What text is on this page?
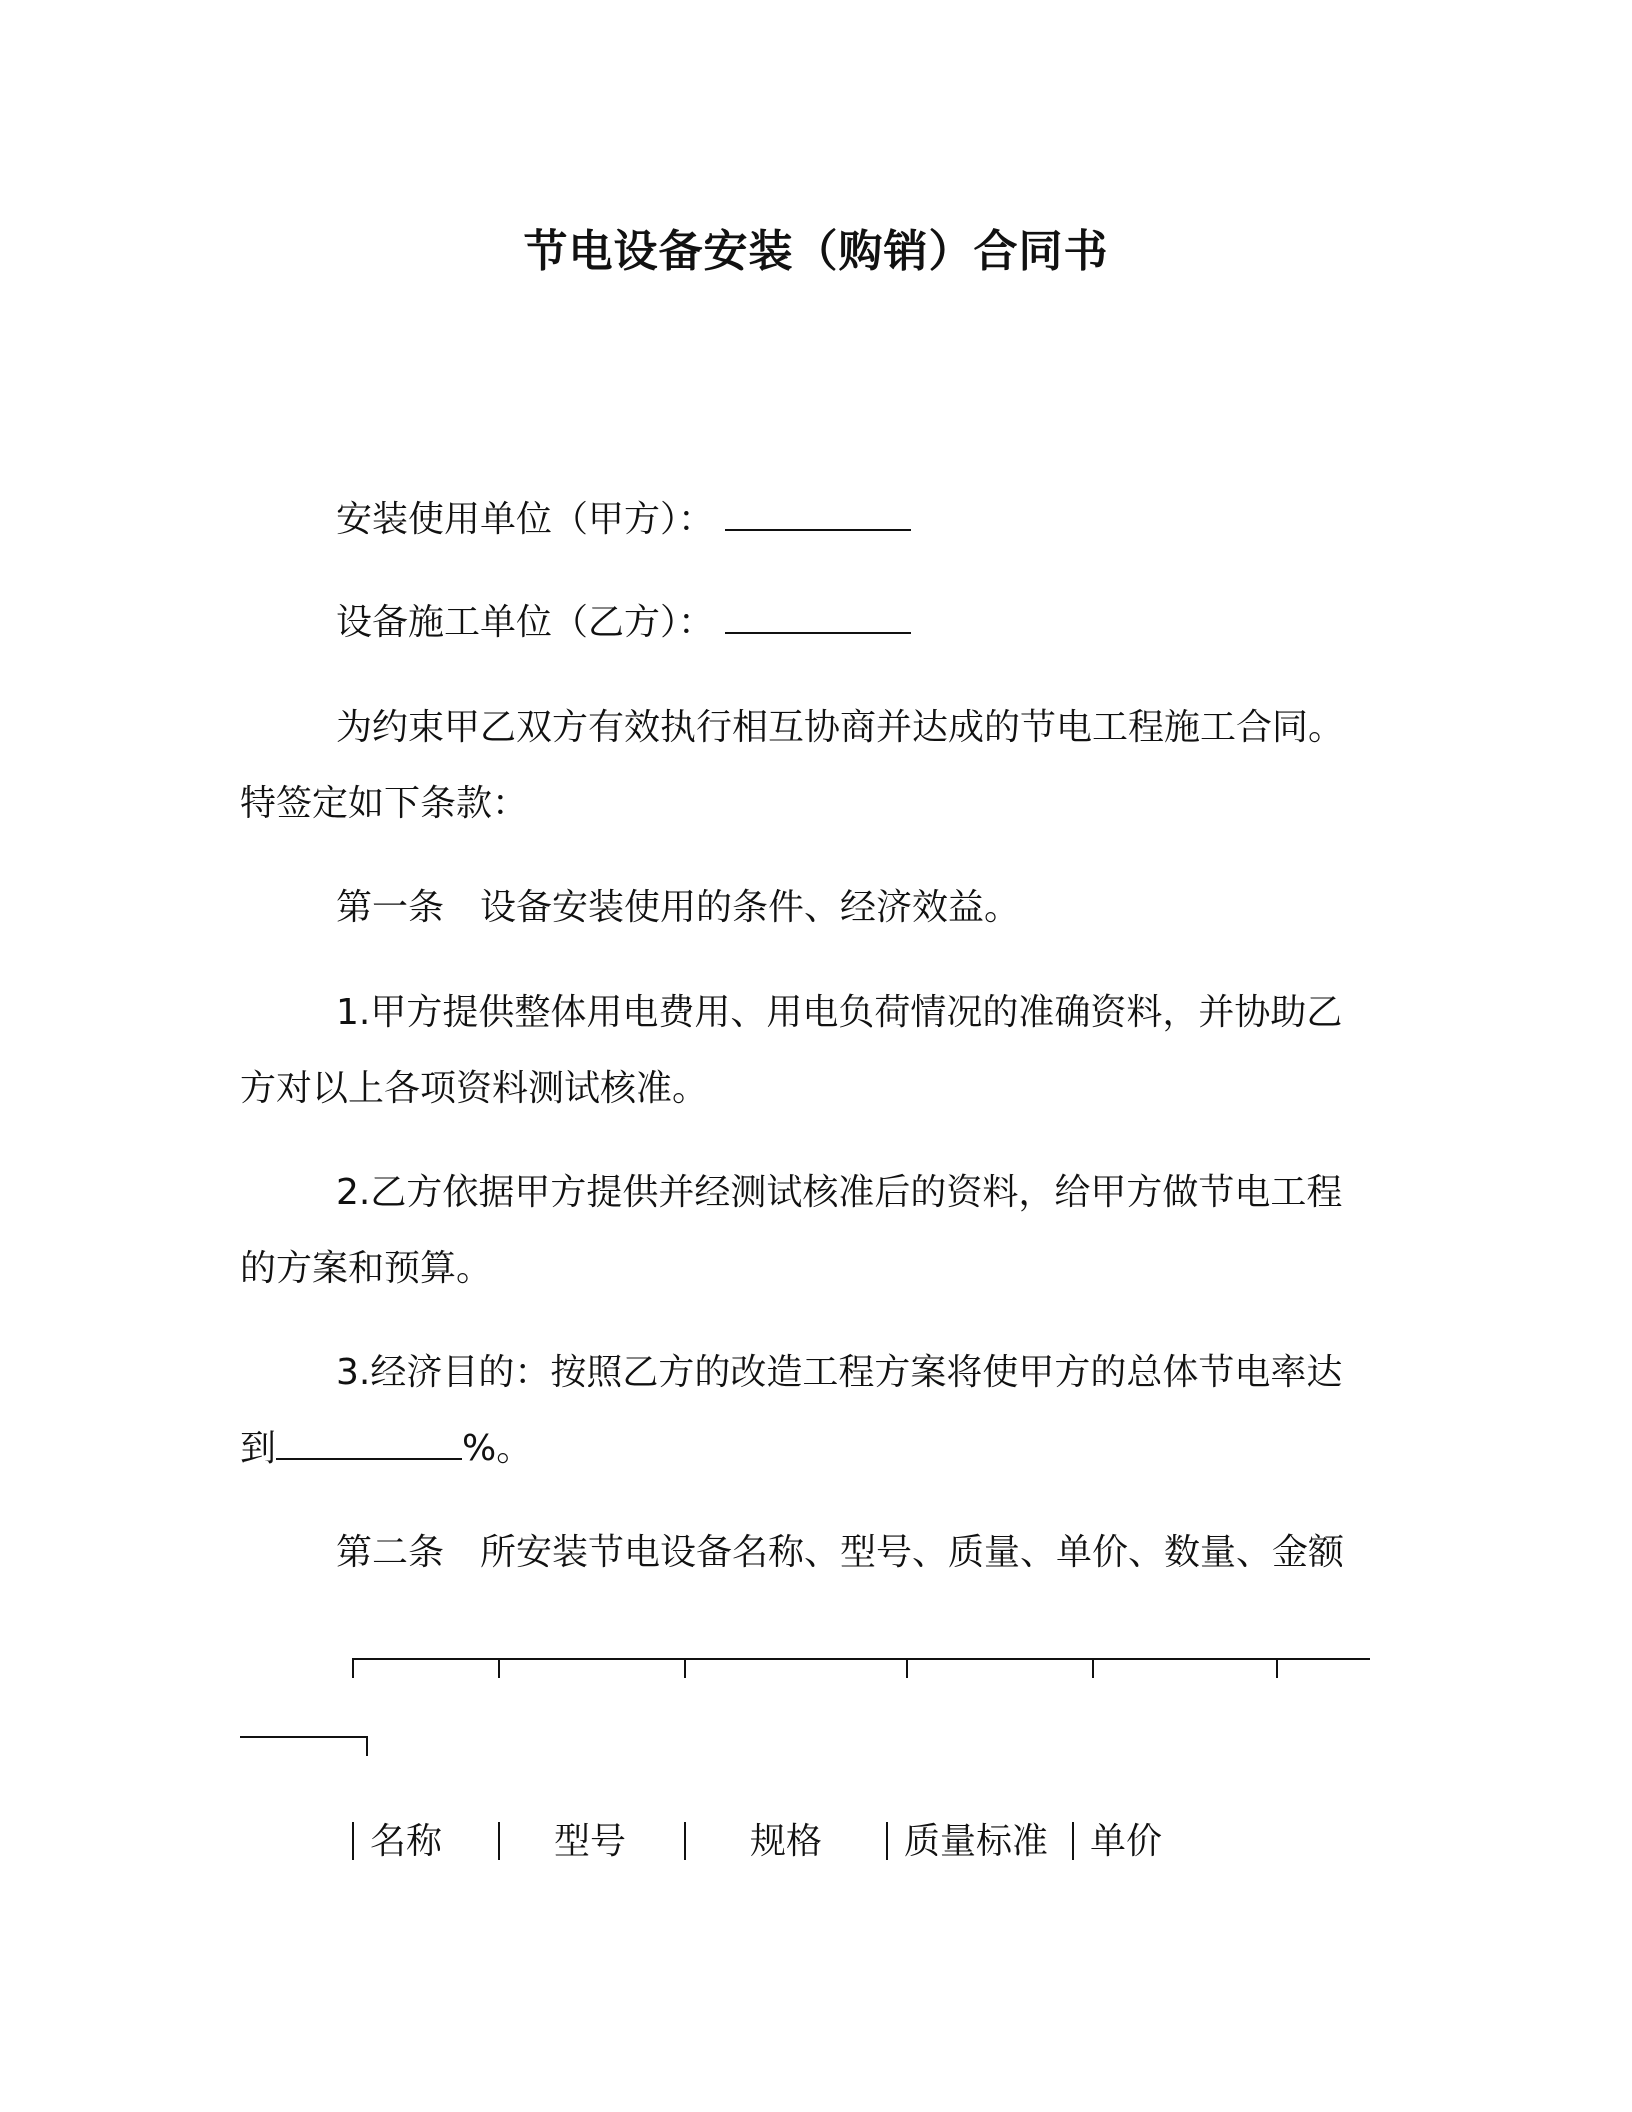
节电设备安装（购销）合同书
安装使用单位（甲方）：
设备施工单位（乙方）：
为约束甲乙双方有效执行相互协商并达成的节电工程施工合同。
特签定如下条款：
第一条　设备安装使用的条件、经济效益。
1.甲方提供整体用电费用、用电负荷情况的准确资料，并协助乙
方对以上各项资料测试核准。
2.乙方依据甲方提供并经测试核准后的资料，给甲方做节电工程
的方案和预算。
3.经济目的：按照乙方的改造工程方案将使甲方的总体节电率达
到	%。
第二条　所安装节电设备名称、型号、质量、单价、数量、金额
名称	型号	规格 质量标准 单价
